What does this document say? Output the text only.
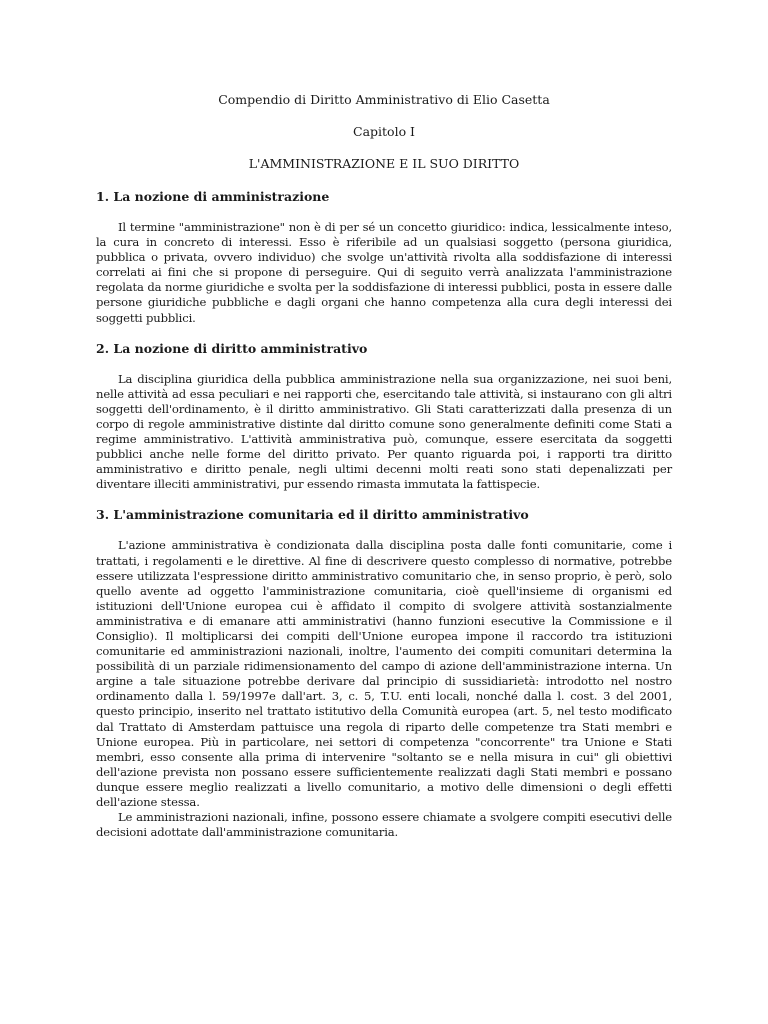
Compendio di Diritto Amministrativo di Elio Casetta
Capitolo I
L'AMMINISTRAZIONE E IL SUO DIRITTO
1. La nozione di amministrazione

Il termine "amministrazione" non è di per sé un concetto giuridico: indica, lessicalmente inteso, la cura in concreto di interessi. Esso è riferibile ad un qualsiasi soggetto (persona giuridica, pubblica o privata, ovvero individuo) che svolge un'attività rivolta alla soddisfazione di interessi correlati ai fini che si propone di perseguire. Qui di seguito verrà analizzata l'amministrazione regolata da norme giuridiche e svolta per la soddisfazione di interessi pubblici, posta in essere dalle persone giuridiche pubbliche e dagli organi che hanno competenza alla cura degli interessi dei soggetti pubblici.

2. La nozione di diritto amministrativo

La disciplina giuridica della pubblica amministrazione nella sua organizzazione, nei suoi beni, nelle attività ad essa peculiari e nei rapporti che, esercitando tale attività, si instaurano con gli altri soggetti dell'ordinamento, è il diritto amministrativo. Gli Stati caratterizzati dalla presenza di un corpo di regole amministrative distinte dal diritto comune sono generalmente definiti come Stati a regime amministrativo. L'attività amministrativa può, comunque, essere esercitata da soggetti pubblici anche nelle forme del diritto privato. Per quanto riguarda poi, i rapporti tra diritto amministrativo e diritto penale, negli ultimi decenni molti reati sono stati depenalizzati per diventare illeciti amministrativi, pur essendo rimasta immutata la fattispecie.

3. L'amministrazione comunitaria ed il diritto amministrativo

L'azione amministrativa è condizionata dalla disciplina posta dalle fonti comunitarie, come i trattati, i regolamenti e le direttive. Al fine di descrivere questo complesso di normative, potrebbe essere utilizzata l'espressione diritto amministrativo comunitario che, in senso proprio, è però, solo quello avente ad oggetto l'amministrazione comunitaria, cioè quell'insieme di organismi ed istituzioni dell'Unione europea cui è affidato il compito di svolgere attività sostanzialmente amministrativa e di emanare atti amministrativi (hanno funzioni esecutive la Commissione e il Consiglio). Il moltiplicarsi dei compiti dell'Unione europea impone il raccordo tra istituzioni comunitarie ed amministrazioni nazionali, inoltre, l'aumento dei compiti comunitari determina la possibilità di un parziale ridimensionamento del campo di azione dell'amministrazione interna. Un argine a tale situazione potrebbe derivare dal principio di sussidiarietà: introdotto nel nostro ordinamento dalla l. 59/1997e dall'art. 3, c. 5, T.U. enti locali, nonché dalla l. cost. 3 del 2001, questo principio, inserito nel trattato istitutivo della Comunità europea (art. 5, nel testo modificato dal Trattato di Amsterdam pattuisce una regola di riparto delle competenze tra Stati membri e Unione europea. Più in particolare, nei settori di competenza "concorrente" tra Unione e Stati membri, esso consente alla prima di intervenire "soltanto se e nella misura in cui" gli obiettivi dell'azione prevista non possano essere sufficientemente realizzati dagli Stati membri e possano dunque essere meglio realizzati a livello comunitario, a motivo delle dimensioni o degli effetti dell'azione stessa.

Le amministrazioni nazionali, infine, possono essere chiamate a svolgere compiti esecutivi delle decisioni adottate dall'amministrazione comunitaria.
